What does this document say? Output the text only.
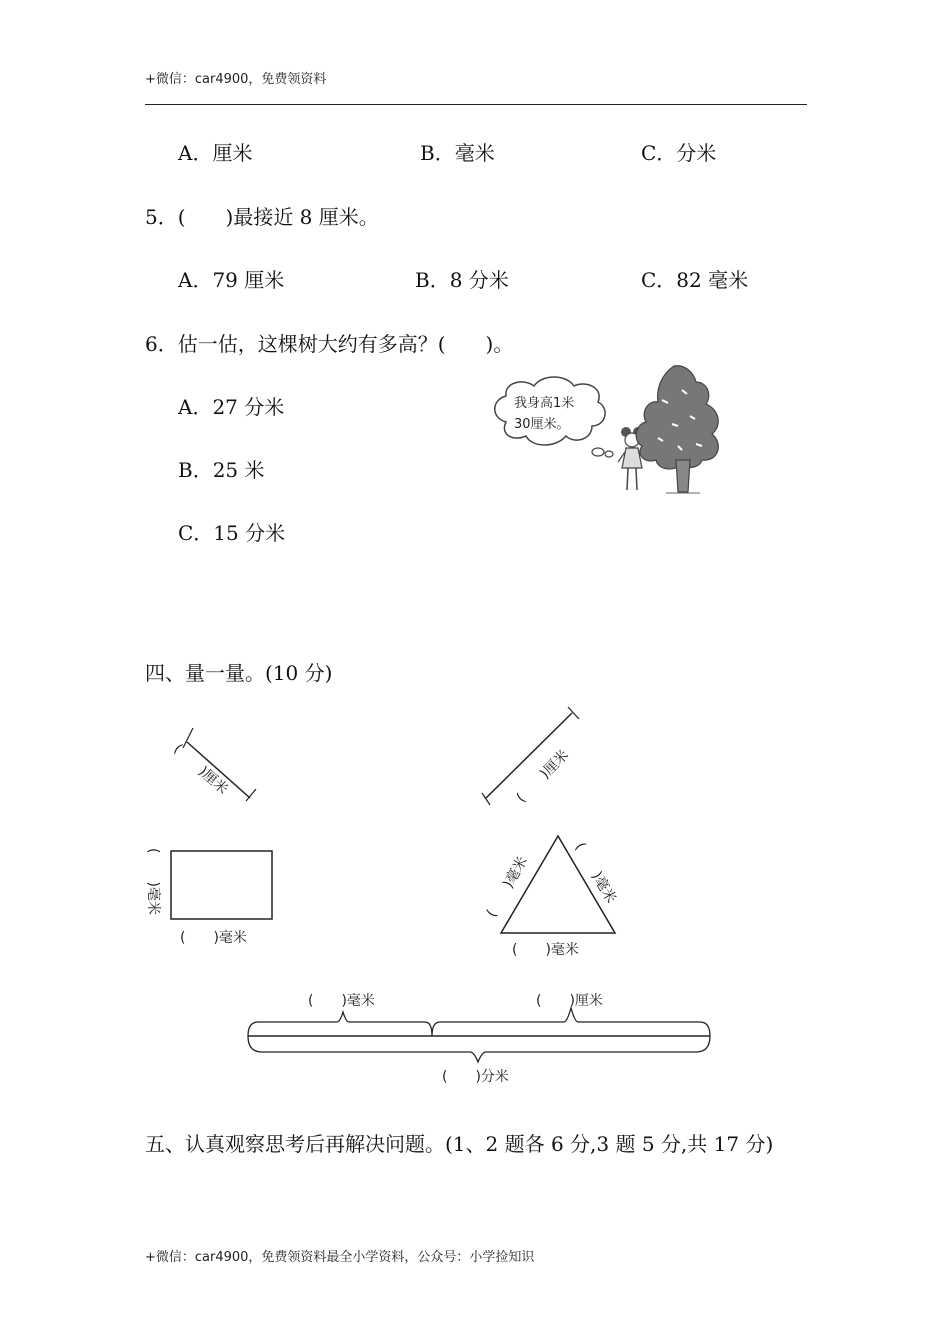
+微信：car4900，免费领资料
A．厘米	B．毫米	C．分米
5．(　　)最接近 8 厘米。
A．79 厘米	B．8 分米	C．82 毫米
6．估一估，这棵树大约有多高？(　　)。
A．27 分米
B．25 米
C．15 分米
我身高1米
30厘米。
四、量一量。(10 分)
(　　)厘米	(　　)厘米
(　　)毫米
(　　)毫米
(　　)毫米	(　　)毫米
(　　)毫米
(　　)毫米	(　　)厘米
(　　)分米
五、认真观察思考后再解决问题。(1、2 题各 6 分,3 题 5 分,共 17 分)
+微信：car4900，免费领资料最全小学资料，公众号：小学捡知识
